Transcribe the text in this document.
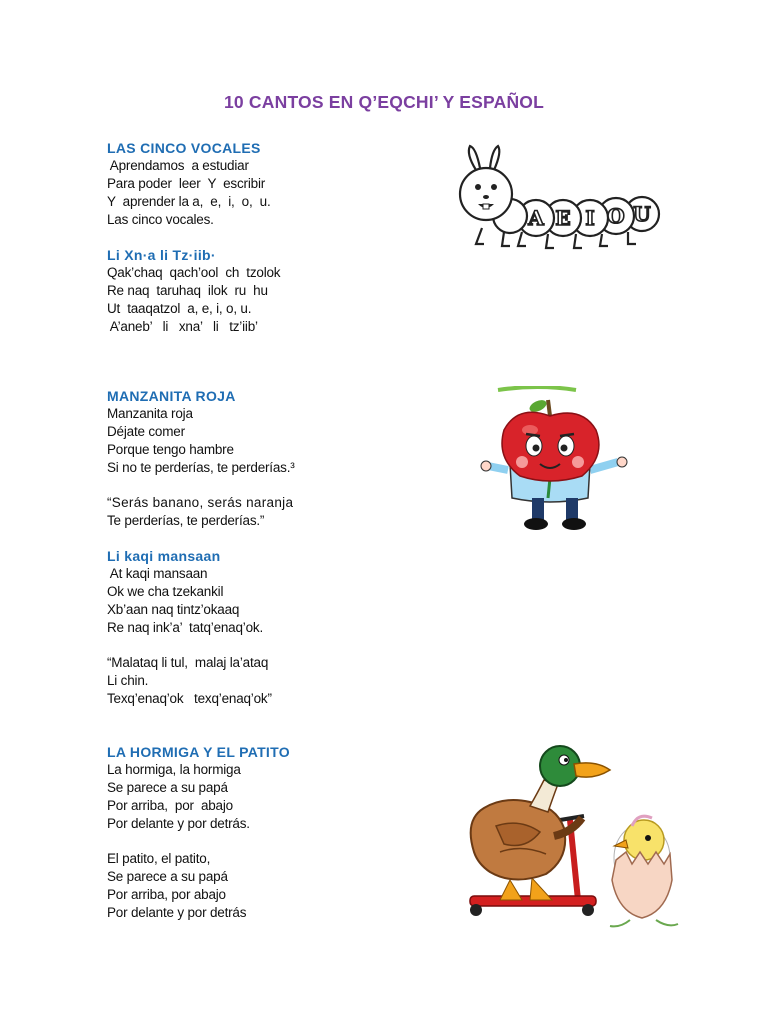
10 CANTOS EN Q’EQCHI’ Y ESPAÑOL
LAS CINCO VOCALES
Aprendamos  a estudiar
Para poder  leer  Y  escribir
Y  aprender la a,  e,  i,  o,  u.
Las cinco vocales.
Li Xn·a li Tz·iib·
Qak’chaq  qach’ool  ch  tzolok
Re naq  taruhaq  ilok  ru  hu
Ut  taaqatzol  a, e, i, o, u.
A’aneb’   li   xna’   li   tz’iib’
MANZANITA ROJA
Manzanita roja
Déjate comer
Porque tengo hambre
Si no te perderías, te perderías.³
“Serás banano, serás naranja
Te perderías, te perderías.”
Li kaqi mansaan
At kaqi mansaan
Ok we cha tzekankil
Xb’aan naq tintz’okaaq
Re naq ink’a’  tatq’enaq’ok.
“Malataq li tul,  malaj la’ataq
Li chin.
Texq’enaq’ok   texq’enaq’ok”
LA HORMIGA Y EL PATITO
La hormiga, la hormiga
Se parece a su papá
Por arriba,  por  abajo
Por delante y por detrás.
El patito, el patito,
Se parece a su papá
Por arriba, por abajo
Por delante y por detrás
A E I O U
